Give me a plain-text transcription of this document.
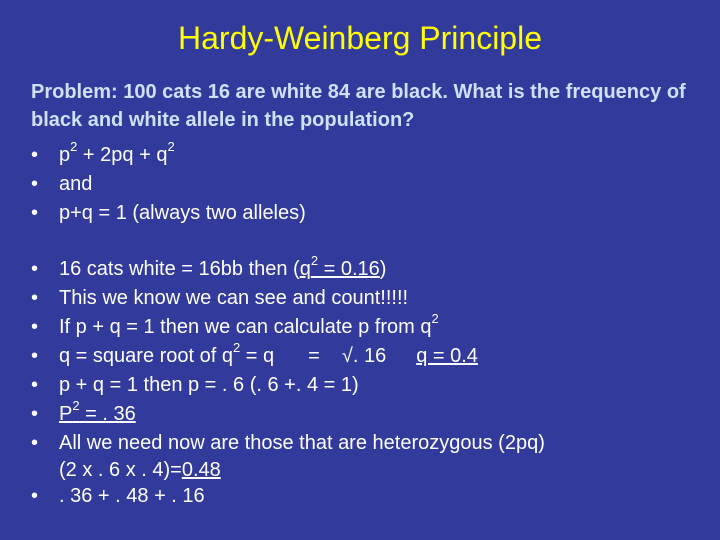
Hardy-Weinberg Principle
Problem: 100 cats 16 are white 84 are black. What is the frequency of black and white allele in the population?
• $p^2 + 2pq + q^2$
• and
• p+q = 1 (always two alleles)
• 16 cats white = 16bb then $(q^2 = 0.16)$
• This we know we can see and count!!!!!
• If p + q = 1 then we can calculate p from $q^2$
• q = square root of $q^2 = q$ = √. 16 q = 0.4
• p + q = 1 then p = . 6 (. 6 +. 4 = 1)
• $P^2$ = . 36
• All we need now are those that are heterozygous (2pq)
(2 x . 6 x . 4)=0.48
• . 36 + . 48 + . 16
